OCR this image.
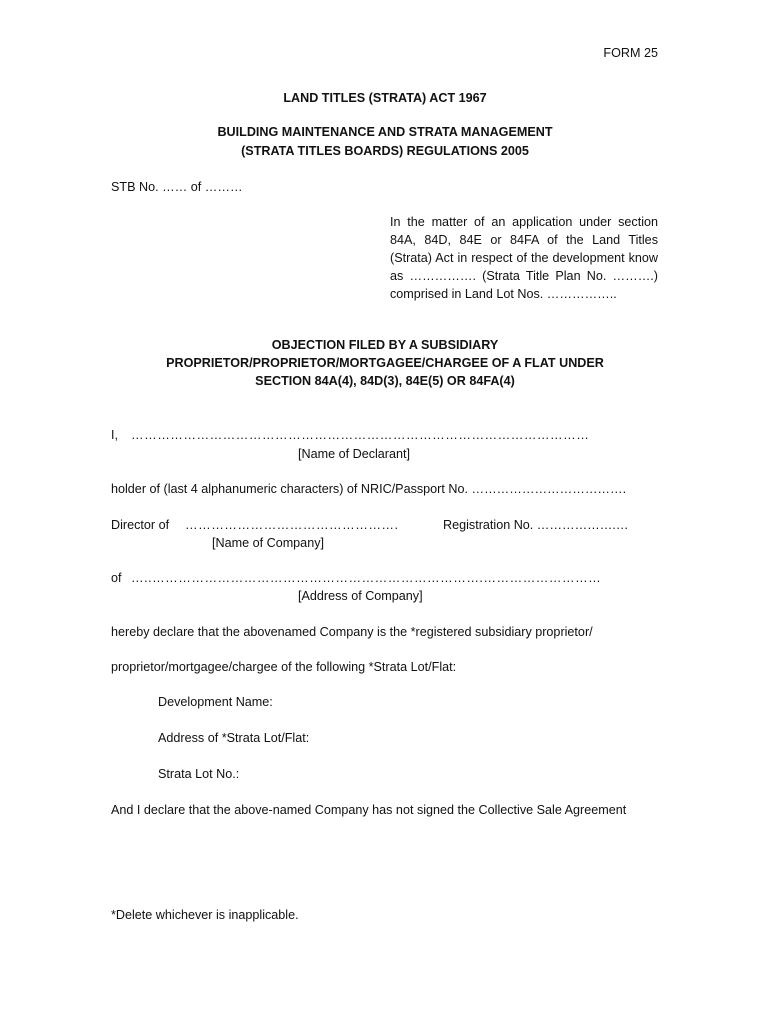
FORM 25
LAND TITLES (STRATA) ACT 1967
BUILDING MAINTENANCE AND STRATA MANAGEMENT
(STRATA TITLES BOARDS) REGULATIONS 2005
STB No. …… of ………
In the matter of an application under section 84A, 84D, 84E or 84FA of the Land Titles (Strata) Act in respect of the development know as ……………. (Strata Title Plan No. ……….) comprised in Land Lot Nos. ……………..
OBJECTION FILED BY A SUBSIDIARY
PROPRIETOR/PROPRIETOR/MORTGAGEE/CHARGEE OF A FLAT UNDER
SECTION 84A(4), 84D(3), 84E(5) OR 84FA(4)
I, ……………………………………………………………………………………………
[Name of Declarant]
holder of (last 4 alphanumeric characters) of NRIC/Passport No. ……………………………….
Director of ………………………………………….	Registration No. ……………….…
[Name of Company]
of …..………………………………………………………………….………………………
[Address of Company]
hereby declare that the abovenamed Company is the *registered subsidiary proprietor/
proprietor/mortgagee/chargee of the following *Strata Lot/Flat:
Development Name:
Address of *Strata Lot/Flat:
Strata Lot No.:
And I declare that the above-named Company has not signed the Collective Sale Agreement
*Delete whichever is inapplicable.
